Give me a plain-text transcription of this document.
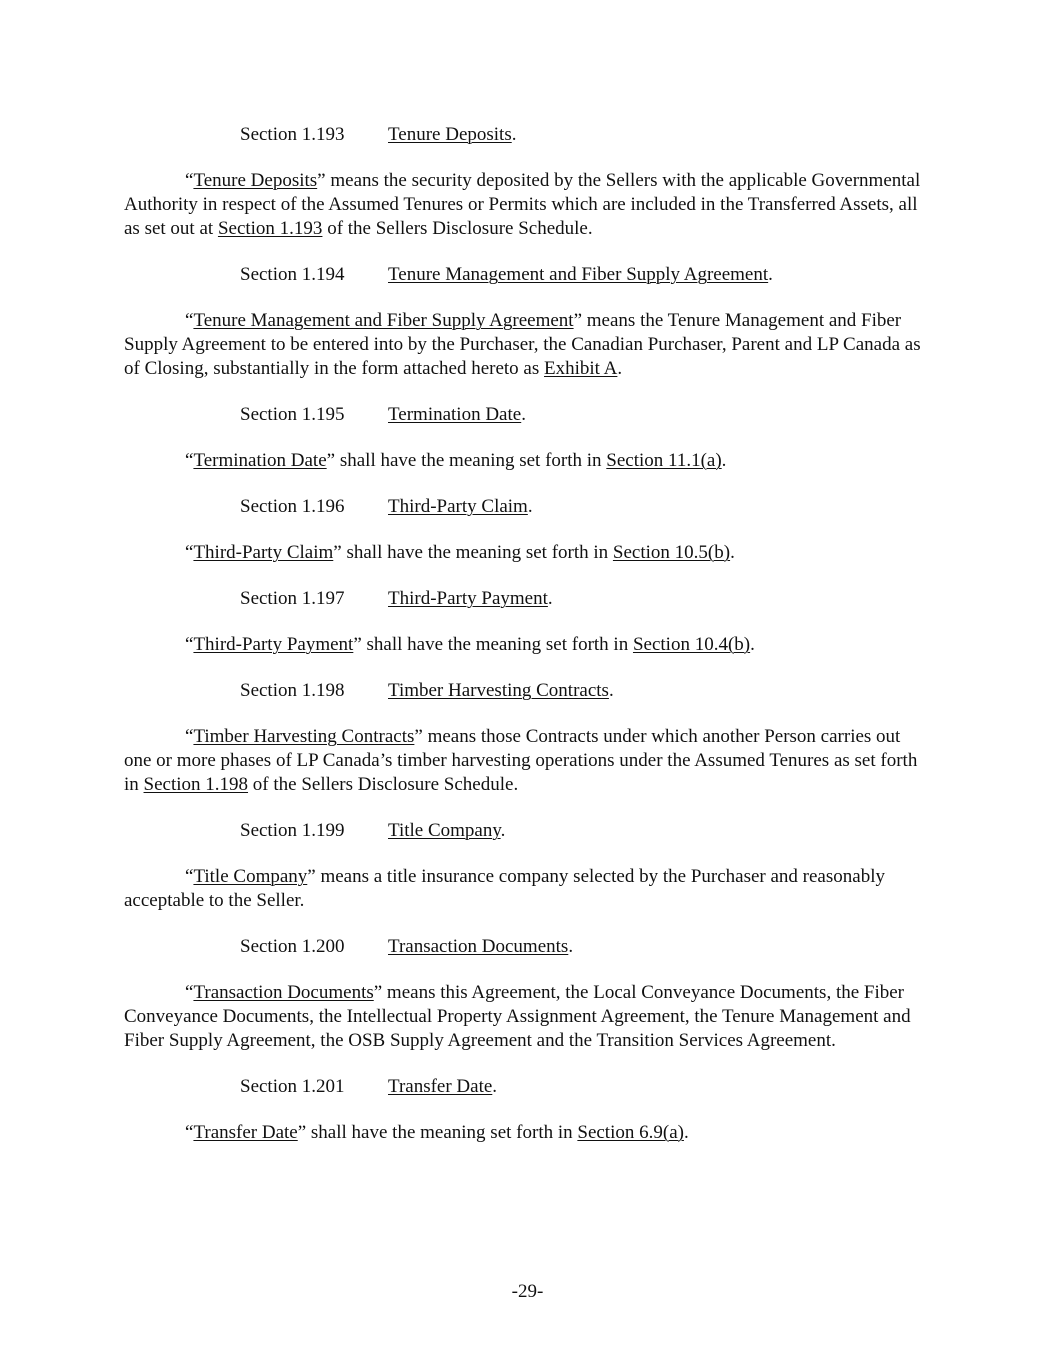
Section 1.193 Tenure Deposits.
“Tenure Deposits” means the security deposited by the Sellers with the applicable Governmental Authority in respect of the Assumed Tenures or Permits which are included in the Transferred Assets, all as set out at Section 1.193 of the Sellers Disclosure Schedule.
Section 1.194 Tenure Management and Fiber Supply Agreement.
“Tenure Management and Fiber Supply Agreement” means the Tenure Management and Fiber Supply Agreement to be entered into by the Purchaser, the Canadian Purchaser, Parent and LP Canada as of Closing, substantially in the form attached hereto as Exhibit A.
Section 1.195 Termination Date.
“Termination Date” shall have the meaning set forth in Section 11.1(a).
Section 1.196 Third-Party Claim.
“Third-Party Claim” shall have the meaning set forth in Section 10.5(b).
Section 1.197 Third-Party Payment.
“Third-Party Payment” shall have the meaning set forth in Section 10.4(b).
Section 1.198 Timber Harvesting Contracts.
“Timber Harvesting Contracts” means those Contracts under which another Person carries out one or more phases of LP Canada’s timber harvesting operations under the Assumed Tenures as set forth in Section 1.198 of the Sellers Disclosure Schedule.
Section 1.199 Title Company.
“Title Company” means a title insurance company selected by the Purchaser and reasonably acceptable to the Seller.
Section 1.200 Transaction Documents.
“Transaction Documents” means this Agreement, the Local Conveyance Documents, the Fiber Conveyance Documents, the Intellectual Property Assignment Agreement, the Tenure Management and Fiber Supply Agreement, the OSB Supply Agreement and the Transition Services Agreement.
Section 1.201 Transfer Date.
“Transfer Date” shall have the meaning set forth in Section 6.9(a).
-29-
